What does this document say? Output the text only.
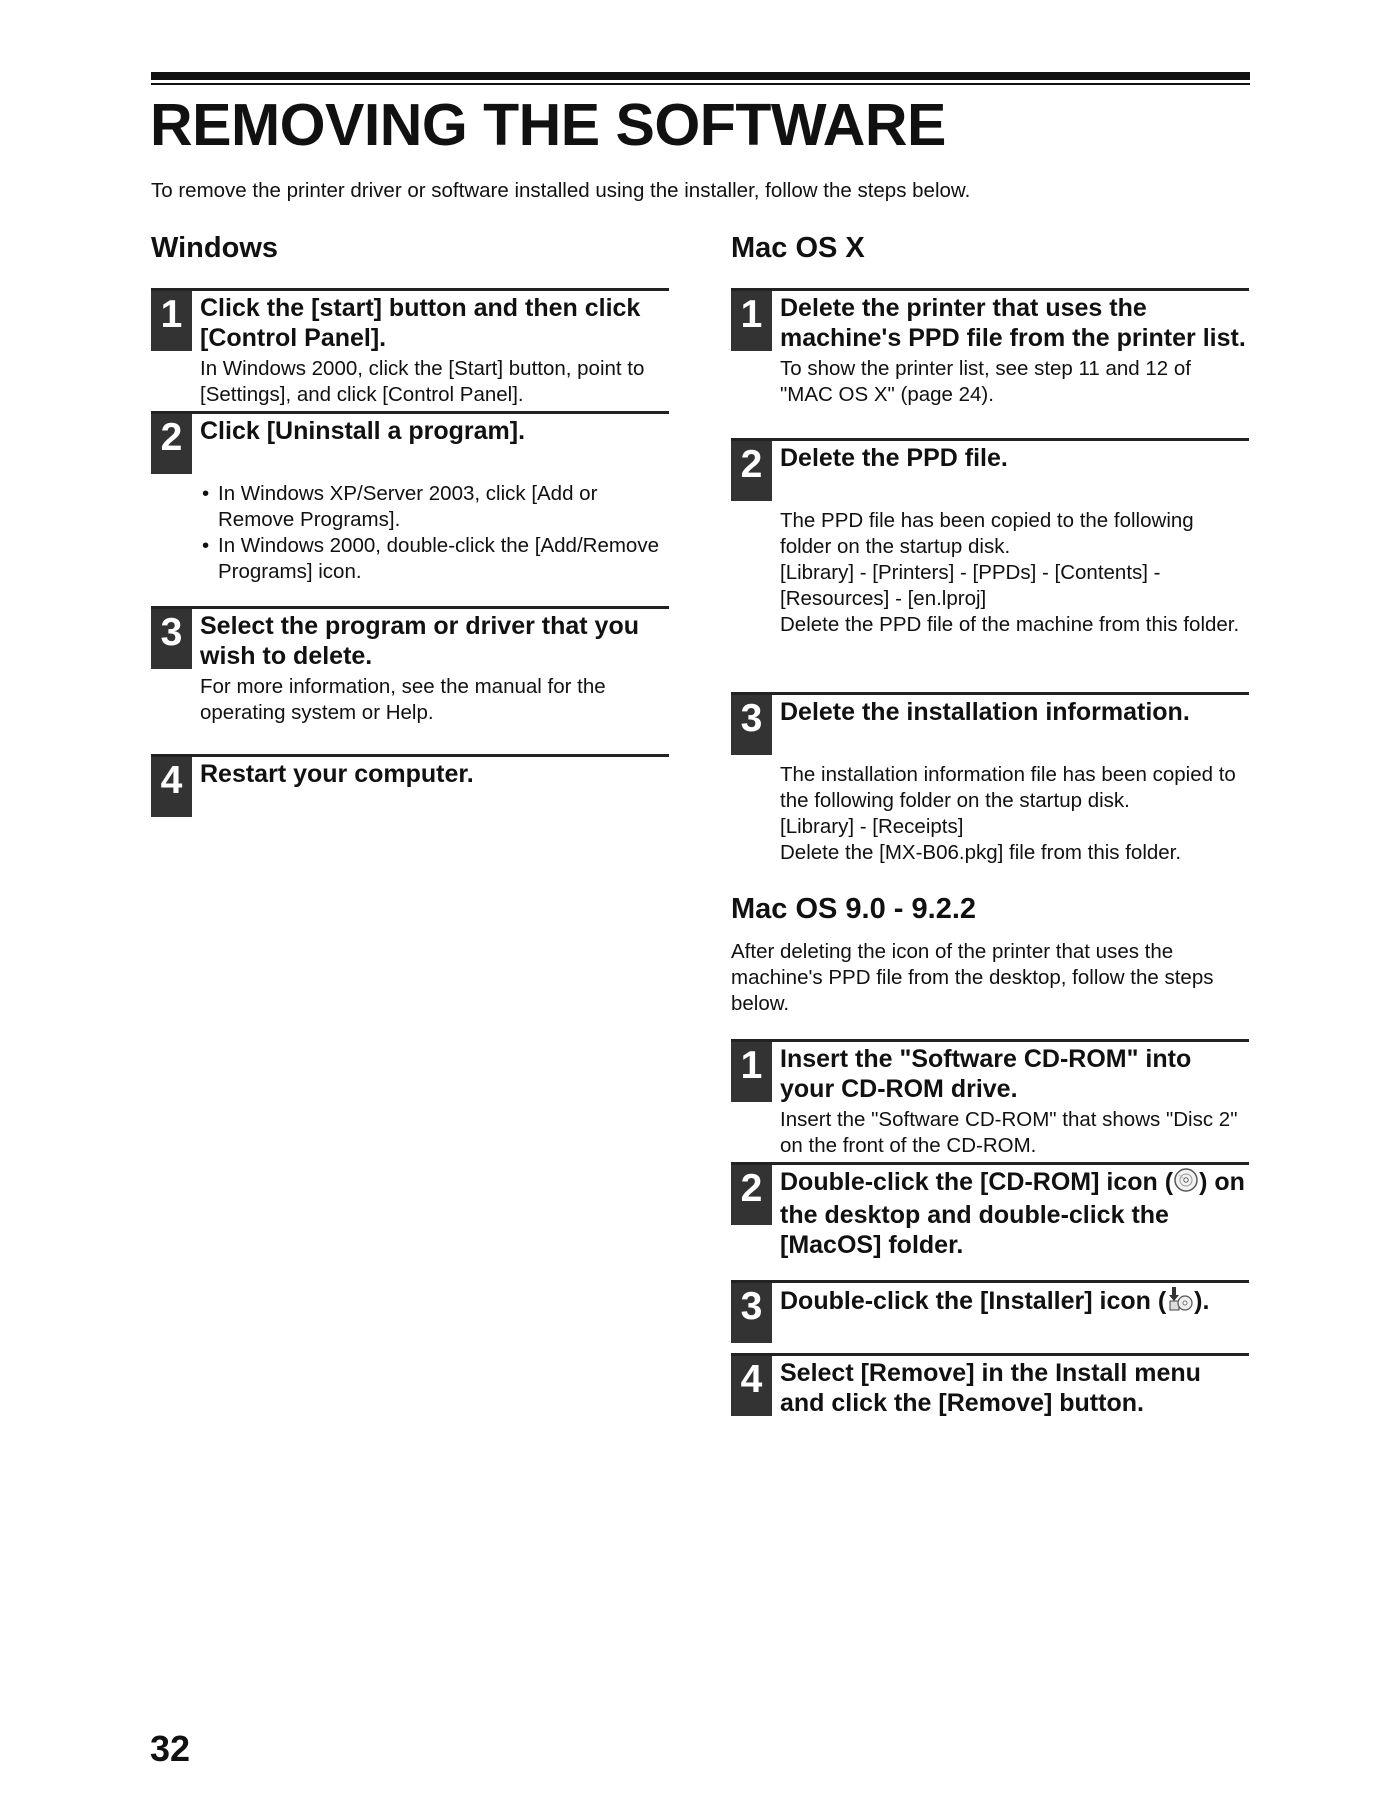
REMOVING THE SOFTWARE
To remove the printer driver or software installed using the installer, follow the steps below.
Windows
1 Click the [start] button and then click [Control Panel].

In Windows 2000, click the [Start] button, point to [Settings], and click [Control Panel].
2 Click [Uninstall a program].

• In Windows XP/Server 2003, click [Add or Remove Programs].
• In Windows 2000, double-click the [Add/Remove Programs] icon.
3 Select the program or driver that you wish to delete.

For more information, see the manual for the operating system or Help.
4 Restart your computer.

Mac OS X
1 Delete the printer that uses the machine's PPD file from the printer list.

To show the printer list, see step 11 and 12 of "MAC OS X" (page 24).
2 Delete the PPD file.

The PPD file has been copied to the following folder on the startup disk.
[Library] - [Printers] - [PPDs] - [Contents] - [Resources] - [en.lproj]
Delete the PPD file of the machine from this folder.
3 Delete the installation information.

The installation information file has been copied to the following folder on the startup disk.
[Library] - [Receipts]
Delete the [MX-B06.pkg] file from this folder.
Mac OS 9.0 - 9.2.2
After deleting the icon of the printer that uses the machine's PPD file from the desktop, follow the steps below.
1 Insert the "Software CD-ROM" into your CD-ROM drive.

Insert the "Software CD-ROM" that shows "Disc 2" on the front of the CD-ROM.
2 Double-click the [CD-ROM] icon ( ) on the desktop and double-click the [MacOS] folder.

3 Double-click the [Installer] icon ( ).

4 Select [Remove] in the Install menu and click the [Remove] button.

32
